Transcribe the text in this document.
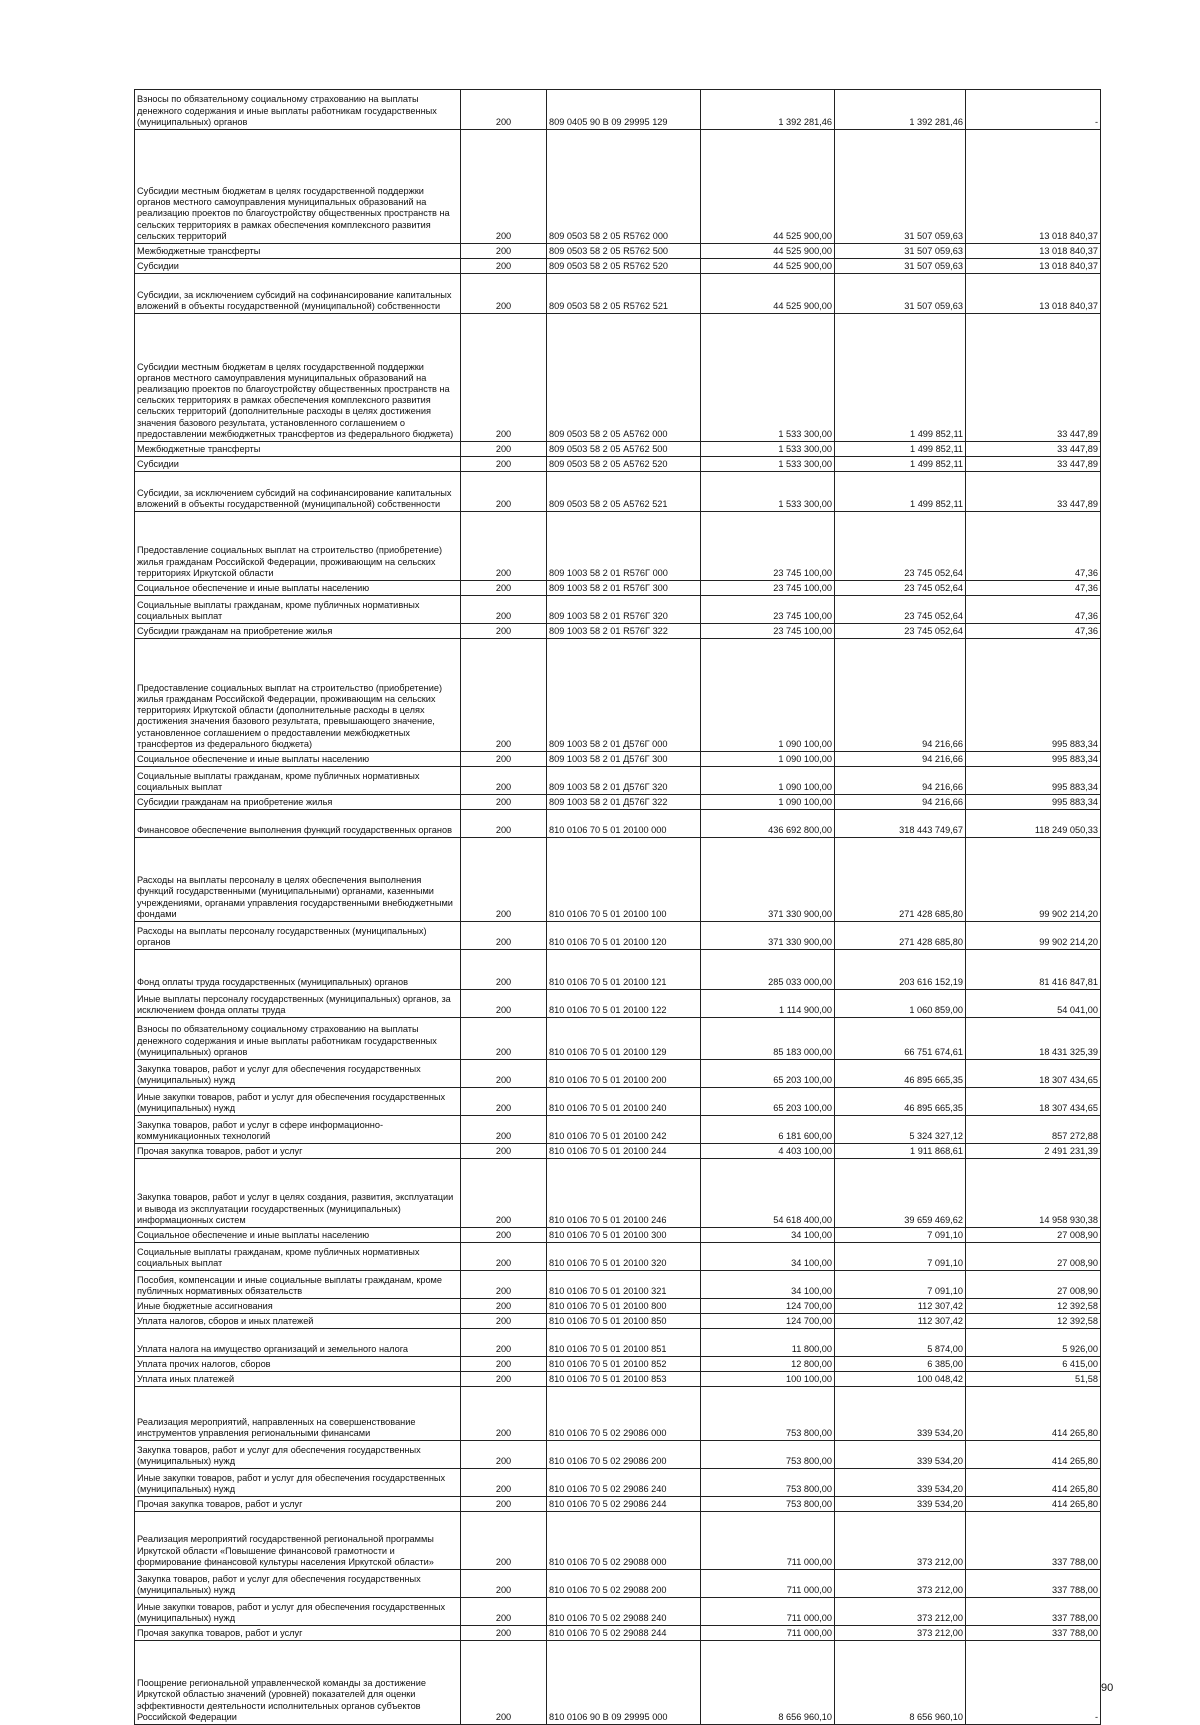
Взносы по обязательному социальному страхованию на выплаты денежного содержания и иные выплаты работникам государственных (муниципальных) органов	200	809 0405 90 В 09 29995 129	1 392 281,46	1 392 281,46	-
Субсидии местным бюджетам в целях государственной поддержки органов местного самоуправления муниципальных образований на реализацию проектов по благоустройству общественных пространств на сельских территориях в рамках обеспечения комплексного развития сельских территорий	200	809 0503 58 2 05 R5762 000	44 525 900,00	31 507 059,63	13 018 840,37
Межбюджетные трансферты	200	809 0503 58 2 05 R5762 500	44 525 900,00	31 507 059,63	13 018 840,37
Субсидии	200	809 0503 58 2 05 R5762 520	44 525 900,00	31 507 059,63	13 018 840,37
Субсидии, за исключением субсидий на софинансирование капитальных вложений в объекты государственной (муниципальной) собственности	200	809 0503 58 2 05 R5762 521	44 525 900,00	31 507 059,63	13 018 840,37
Субсидии местным бюджетам в целях государственной поддержки органов местного самоуправления муниципальных образований на реализацию проектов по благоустройству общественных пространств на сельских территориях в рамках обеспечения комплексного развития сельских территорий (дополнительные расходы в целях достижения значения базового результата, установленного соглашением о предоставлении межбюджетных трансфертов из федерального бюджета)	200	809 0503 58 2 05 А5762 000	1 533 300,00	1 499 852,11	33 447,89
Межбюджетные трансферты	200	809 0503 58 2 05 А5762 500	1 533 300,00	1 499 852,11	33 447,89
Субсидии	200	809 0503 58 2 05 А5762 520	1 533 300,00	1 499 852,11	33 447,89
Субсидии, за исключением субсидий на софинансирование капитальных вложений в объекты государственной (муниципальной) собственности	200	809 0503 58 2 05 А5762 521	1 533 300,00	1 499 852,11	33 447,89
Предоставление социальных выплат на строительство (приобретение) жилья гражданам Российской Федерации, проживающим на сельских территориях Иркутской области	200	809 1003 58 2 01 R576Г 000	23 745 100,00	23 745 052,64	47,36
Социальное обеспечение и иные выплаты населению	200	809 1003 58 2 01 R576Г 300	23 745 100,00	23 745 052,64	47,36
Социальные выплаты гражданам, кроме публичных нормативных социальных выплат	200	809 1003 58 2 01 R576Г 320	23 745 100,00	23 745 052,64	47,36
Субсидии гражданам на приобретение жилья	200	809 1003 58 2 01 R576Г 322	23 745 100,00	23 745 052,64	47,36
Предоставление социальных выплат на строительство (приобретение) жилья гражданам Российской Федерации, проживающим на сельских территориях Иркутской области (дополнительные расходы в целях достижения значения базового результата, превышающего значение, установленное соглашением о предоставлении межбюджетных трансфертов из федерального бюджета)	200	809 1003 58 2 01 Д576Г 000	1 090 100,00	94 216,66	995 883,34
Социальное обеспечение и иные выплаты населению	200	809 1003 58 2 01 Д576Г 300	1 090 100,00	94 216,66	995 883,34
Социальные выплаты гражданам, кроме публичных нормативных социальных выплат	200	809 1003 58 2 01 Д576Г 320	1 090 100,00	94 216,66	995 883,34
Субсидии гражданам на приобретение жилья	200	809 1003 58 2 01 Д576Г 322	1 090 100,00	94 216,66	995 883,34
Финансовое обеспечение выполнения функций государственных органов	200	810 0106 70 5 01 20100 000	436 692 800,00	318 443 749,67	118 249 050,33
Расходы на выплаты персоналу в целях обеспечения выполнения функций государственными (муниципальными) органами, казенными учреждениями, органами управления государственными внебюджетными фондами	200	810 0106 70 5 01 20100 100	371 330 900,00	271 428 685,80	99 902 214,20
Расходы на выплаты персоналу государственных (муниципальных) органов	200	810 0106 70 5 01 20100 120	371 330 900,00	271 428 685,80	99 902 214,20
Фонд оплаты труда государственных (муниципальных) органов	200	810 0106 70 5 01 20100 121	285 033 000,00	203 616 152,19	81 416 847,81
Иные выплаты персоналу государственных (муниципальных) органов, за исключением фонда оплаты труда	200	810 0106 70 5 01 20100 122	1 114 900,00	1 060 859,00	54 041,00
Взносы по обязательному социальному страхованию на выплаты денежного содержания и иные выплаты работникам государственных (муниципальных) органов	200	810 0106 70 5 01 20100 129	85 183 000,00	66 751 674,61	18 431 325,39
Закупка товаров, работ и услуг для обеспечения государственных (муниципальных) нужд	200	810 0106 70 5 01 20100 200	65 203 100,00	46 895 665,35	18 307 434,65
Иные закупки товаров, работ и услуг для обеспечения государственных (муниципальных) нужд	200	810 0106 70 5 01 20100 240	65 203 100,00	46 895 665,35	18 307 434,65
Закупка товаров, работ и услуг в сфере информационно-коммуникационных технологий	200	810 0106 70 5 01 20100 242	6 181 600,00	5 324 327,12	857 272,88
Прочая закупка товаров, работ и услуг	200	810 0106 70 5 01 20100 244	4 403 100,00	1 911 868,61	2 491 231,39
Закупка товаров, работ и услуг в целях создания, развития, эксплуатации и вывода из эксплуатации государственных (муниципальных) информационных систем	200	810 0106 70 5 01 20100 246	54 618 400,00	39 659 469,62	14 958 930,38
Социальное обеспечение и иные выплаты населению	200	810 0106 70 5 01 20100 300	34 100,00	7 091,10	27 008,90
Социальные выплаты гражданам, кроме публичных нормативных социальных выплат	200	810 0106 70 5 01 20100 320	34 100,00	7 091,10	27 008,90
Пособия, компенсации и иные социальные выплаты гражданам, кроме публичных нормативных обязательств	200	810 0106 70 5 01 20100 321	34 100,00	7 091,10	27 008,90
Иные бюджетные ассигнования	200	810 0106 70 5 01 20100 800	124 700,00	112 307,42	12 392,58
Уплата налогов, сборов и иных платежей	200	810 0106 70 5 01 20100 850	124 700,00	112 307,42	12 392,58
Уплата налога на имущество организаций и земельного налога	200	810 0106 70 5 01 20100 851	11 800,00	5 874,00	5 926,00
Уплата прочих налогов, сборов	200	810 0106 70 5 01 20100 852	12 800,00	6 385,00	6 415,00
Уплата иных платежей	200	810 0106 70 5 01 20100 853	100 100,00	100 048,42	51,58
Реализация мероприятий, направленных на совершенствование инструментов управления региональными финансами	200	810 0106 70 5 02 29086 000	753 800,00	339 534,20	414 265,80
Закупка товаров, работ и услуг для обеспечения государственных (муниципальных) нужд	200	810 0106 70 5 02 29086 200	753 800,00	339 534,20	414 265,80
Иные закупки товаров, работ и услуг для обеспечения государственных (муниципальных) нужд	200	810 0106 70 5 02 29086 240	753 800,00	339 534,20	414 265,80
Прочая закупка товаров, работ и услуг	200	810 0106 70 5 02 29086 244	753 800,00	339 534,20	414 265,80
Реализация мероприятий государственной региональной программы Иркутской области «Повышение финансовой грамотности и формирование финансовой культуры населения Иркутской области»	200	810 0106 70 5 02 29088 000	711 000,00	373 212,00	337 788,00
Закупка товаров, работ и услуг для обеспечения государственных (муниципальных) нужд	200	810 0106 70 5 02 29088 200	711 000,00	373 212,00	337 788,00
Иные закупки товаров, работ и услуг для обеспечения государственных (муниципальных) нужд	200	810 0106 70 5 02 29088 240	711 000,00	373 212,00	337 788,00
Прочая закупка товаров, работ и услуг	200	810 0106 70 5 02 29088 244	711 000,00	373 212,00	337 788,00
Поощрение региональной управленческой команды за достижение Иркутской областью значений (уровней) показателей для оценки эффективности деятельности исполнительных органов субъектов Российской Федерации	200	810 0106 90 В 09 29995 000	8 656 960,10	8 656 960,10	-
90
